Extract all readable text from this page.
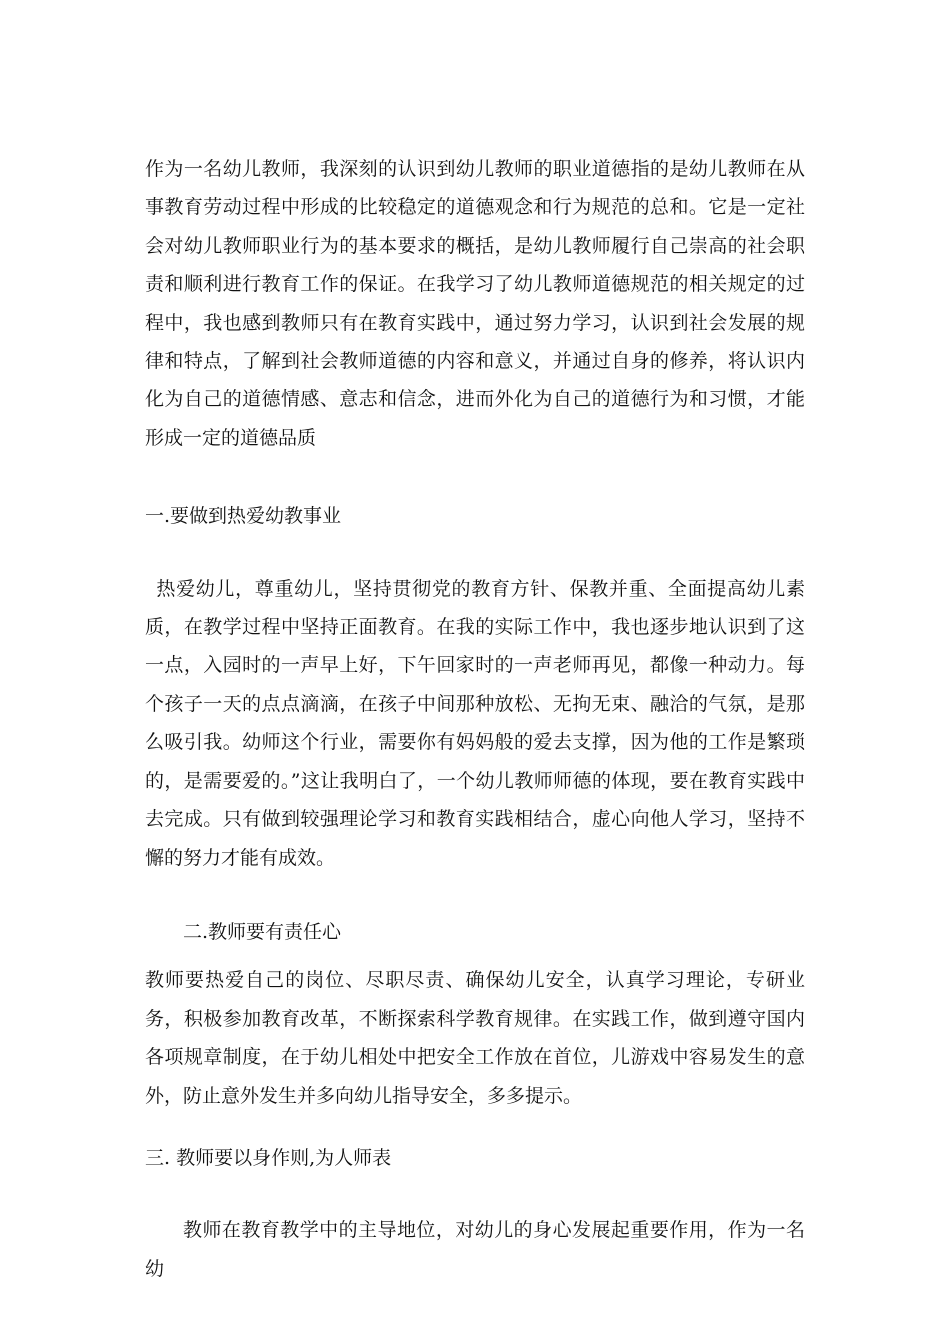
作为一名幼儿教师，我深刻的认识到幼儿教师的职业道德指的是幼儿教师在从事教育劳动过程中形成的比较稳定的道德观念和行为规范的总和。它是一定社会对幼儿教师职业行为的基本要求的概括，是幼儿教师履行自己崇高的社会职责和顺利进行教育工作的保证。在我学习了幼儿教师道德规范的相关规定的过程中，我也感到教师只有在教育实践中，通过努力学习，认识到社会发展的规律和特点，了解到社会教师道德的内容和意义，并通过自身的修养，将认识内化为自己的道德情感、意志和信念，进而外化为自己的道德行为和习惯，才能形成一定的道德品质

一.要做到热爱幼教事业

热爱幼儿，尊重幼儿，坚持贯彻党的教育方针、保教并重、全面提高幼儿素质，在教学过程中坚持正面教育。在我的实际工作中，我也逐步地认识到了这一点，入园时的一声早上好，下午回家时的一声老师再见，都像一种动力。每个孩子一天的点点滴滴，在孩子中间那种放松、无拘无束、融洽的气氛，是那么吸引我。幼师这个行业，需要你有妈妈般的爱去支撑，因为他的工作是繁琐的，是需要爱的。”这让我明白了，一个幼儿教师师德的体现，要在教育实践中去完成。只有做到较强理论学习和教育实践相结合，虚心向他人学习，坚持不懈的努力才能有成效。

二.教师要有责任心

教师要热爱自己的岗位、尽职尽责、确保幼儿安全，认真学习理论，专研业务，积极参加教育改革，不断探索科学教育规律。在实践工作，做到遵守国内各项规章制度，在于幼儿相处中把安全工作放在首位，儿游戏中容易发生的意外，防止意外发生并多向幼儿指导安全，多多提示。

三. 教师要以身作则,为人师表

教师在教育教学中的主导地位，对幼儿的身心发展起重要作用，作为一名幼
